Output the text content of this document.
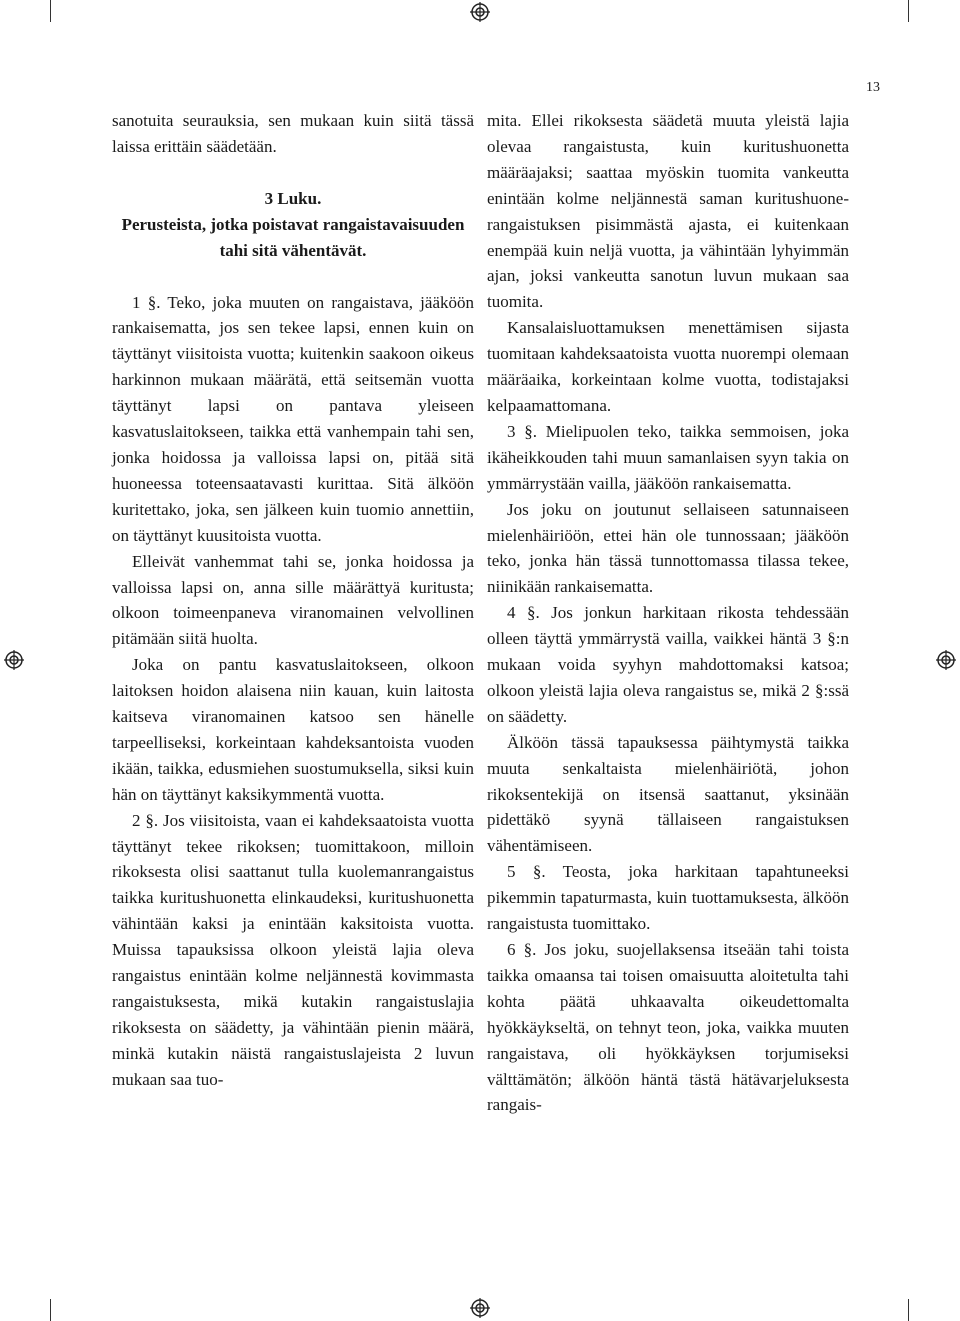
13

sanotuita seurauksia, sen mukaan kuin siitä tässä laissa erittäin säädetään.

3 Luku.
Perusteista, jotka poistavat rangaistavaisuuden tahi sitä vähentävät.

1 §. Teko, joka muuten on rangaistava, jääköön rankaisematta, jos sen tekee lapsi, ennen kuin on täyttänyt viisitoista vuotta; kuitenkin saakoon oikeus harkinnon mukaan määrätä, että seitsemän vuotta täyttänyt lapsi on pantava yleiseen kasvatuslaitokseen, taikka että vanhempain tahi sen, jonka hoidossa ja valloissa lapsi on, pitää sitä huoneessa toteensaatavasti kurittaa. Sitä älköön kuritettako, joka, sen jälkeen kuin tuomio annettiin, on täyttänyt kuusitoista vuotta.

Elleivät vanhemmat tahi se, jonka hoidossa ja valloissa lapsi on, anna sille määrättyä kuritusta; olkoon toimeenpaneva viranomainen velvollinen pitämään siitä huolta.

Joka on pantu kasvatuslaitokseen, olkoon laitoksen hoidon alaisena niin kauan, kuin laitosta kaitseva viranomainen katsoo sen hänelle tarpeelliseksi, korkeintaan kahdeksantoista vuoden ikään, taikka, edusmiehen suostumuksella, siksi kuin hän on täyttänyt kaksikymmentä vuotta.

2 §. Jos viisitoista, vaan ei kahdeksaatoista vuotta täyttänyt tekee rikoksen; tuomittakoon, milloin rikoksesta olisi saattanut tulla kuolemanrangaistus taikka kuritushuonetta elinkaudeksi, kuritushuonetta vähintään kaksi ja enintään kaksitoista vuotta. Muissa tapauksissa olkoon yleistä lajia oleva rangaistus enintään kolme neljännestä kovimmasta rangaistuksesta, mikä kutakin rangaistuslajia rikoksesta on säädetty, ja vähintään pienin määrä, minkä kutakin näistä rangaistuslajeista 2 luvun mukaan saa tuo-

mita. Ellei rikoksesta säädetä muuta yleistä lajia olevaa rangaistusta, kuin kuritushuonetta määräajaksi; saattaa myöskin tuomita vankeutta enintään kolme neljännestä saman kuritushuone-rangaistuksen pisimmästä ajasta, ei kuitenkaan enempää kuin neljä vuotta, ja vähintään lyhyimmän ajan, joksi vankeutta sanotun luvun mukaan saa tuomita.

Kansalaisluottamuksen menettämisen sijasta tuomitaan kahdeksaatoista vuotta nuorempi olemaan määräaika, korkeintaan kolme vuotta, todistajaksi kelpaamattomana.

3 §. Mielipuolen teko, taikka semmoisen, joka ikäheikkouden tahi muun samanlaisen syyn takia on ymmärrystään vailla, jääköön rankaisematta.

Jos joku on joutunut sellaiseen satunnaiseen mielenhäiriöön, ettei hän ole tunnossaan; jääköön teko, jonka hän tässä tunnottomassa tilassa tekee, niinikään rankaisematta.

4 §. Jos jonkun harkitaan rikosta tehdessään olleen täyttä ymmärrystä vailla, vaikkei häntä 3 §:n mukaan voida syyhyn mahdottomaksi katsoa; olkoon yleistä lajia oleva rangaistus se, mikä 2 §:ssä on säädetty.

Älköön tässä tapauksessa päihtymystä taikka muuta senkaltaista mielenhäiriötä, johon rikoksentekijä on itsensä saattanut, yksinään pidettäkö syynä tällaiseen rangaistuksen vähentämiseen.

5 §. Teosta, joka harkitaan tapahtuneeksi pikemmin tapaturmasta, kuin tuottamuksesta, älköön rangaistusta tuomittako.

6 §. Jos joku, suojellaksensa itseään tahi toista taikka omaansa tai toisen omaisuutta aloitetulta tahi kohta päätä uhkaavalta oikeudettomalta hyökkäykseltä, on tehnyt teon, joka, vaikka muuten rangaistava, oli hyökkäyksen torjumiseksi välttämätön; älköön häntä tästä hätävarjeluksesta rangais-
